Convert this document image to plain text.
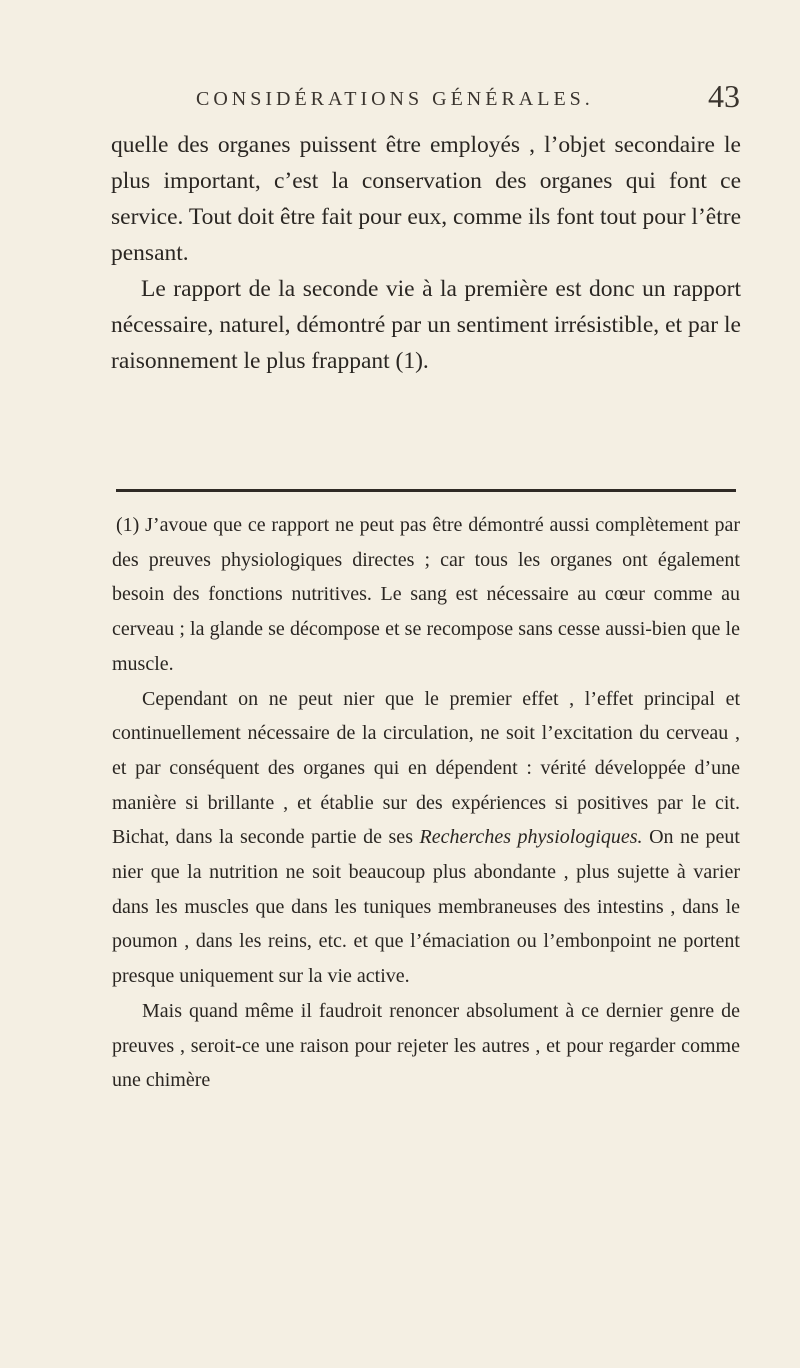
CONSIDÉRATIONS GÉNÉRALES.	43

quelle des organes puissent être employés , l’objet secondaire le plus important, c’est la conservation des organes qui font ce service. Tout doit être fait pour eux, comme ils font tout pour l’être pensant.

Le rapport de la seconde vie à la première est donc un rapport nécessaire, naturel, démontré par un sentiment irrésistible, et par le raisonnement le plus frappant (1).

(1) J’avoue que ce rapport ne peut pas être démontré aussi complètement par des preuves physiologiques directes ; car tous les organes ont également besoin des fonctions nutritives. Le sang est nécessaire au cœur comme au cerveau ; la glande se décompose et se recompose sans cesse aussi-bien que le muscle.

Cependant on ne peut nier que le premier effet , l’effet principal et continuellement nécessaire de la circulation, ne soit l’excitation du cerveau , et par conséquent des organes qui en dépendent : vérité développée d’une manière si brillante , et établie sur des expériences si positives par le cit. Bichat, dans la seconde partie de ses Recherches physiologiques. On ne peut nier que la nutrition ne soit beaucoup plus abondante , plus sujette à varier dans les muscles que dans les tuniques membraneuses des intestins , dans le poumon , dans les reins, etc. et que l’émaciation ou l’embonpoint ne portent presque uniquement sur la vie active.

Mais quand même il faudroit renoncer absolument à ce dernier genre de preuves , seroit-ce une raison pour rejeter les autres , et pour regarder comme une chimère
